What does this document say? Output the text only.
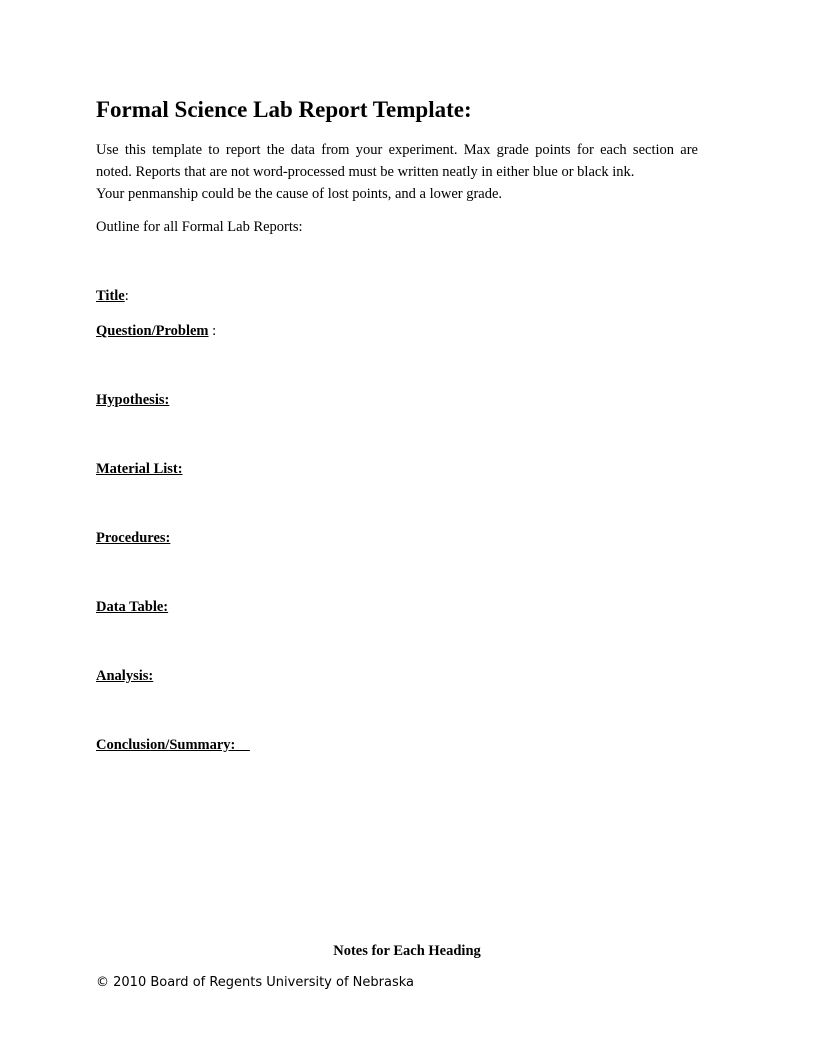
Formal Science Lab Report Template:

Use this template to report the data from your experiment. Max grade points for each section are
noted. Reports that are not word-processed must be written neatly in either blue or black ink.
Your penmanship could be the cause of lost points, and a lower grade.

Outline for all Formal Lab Reports:

Title:

Question/Problem :

Hypothesis:

Material List:

Procedures:

Data Table:

Analysis:

Conclusion/Summary:

Notes for Each Heading

© 2010 Board of Regents University of Nebraska
